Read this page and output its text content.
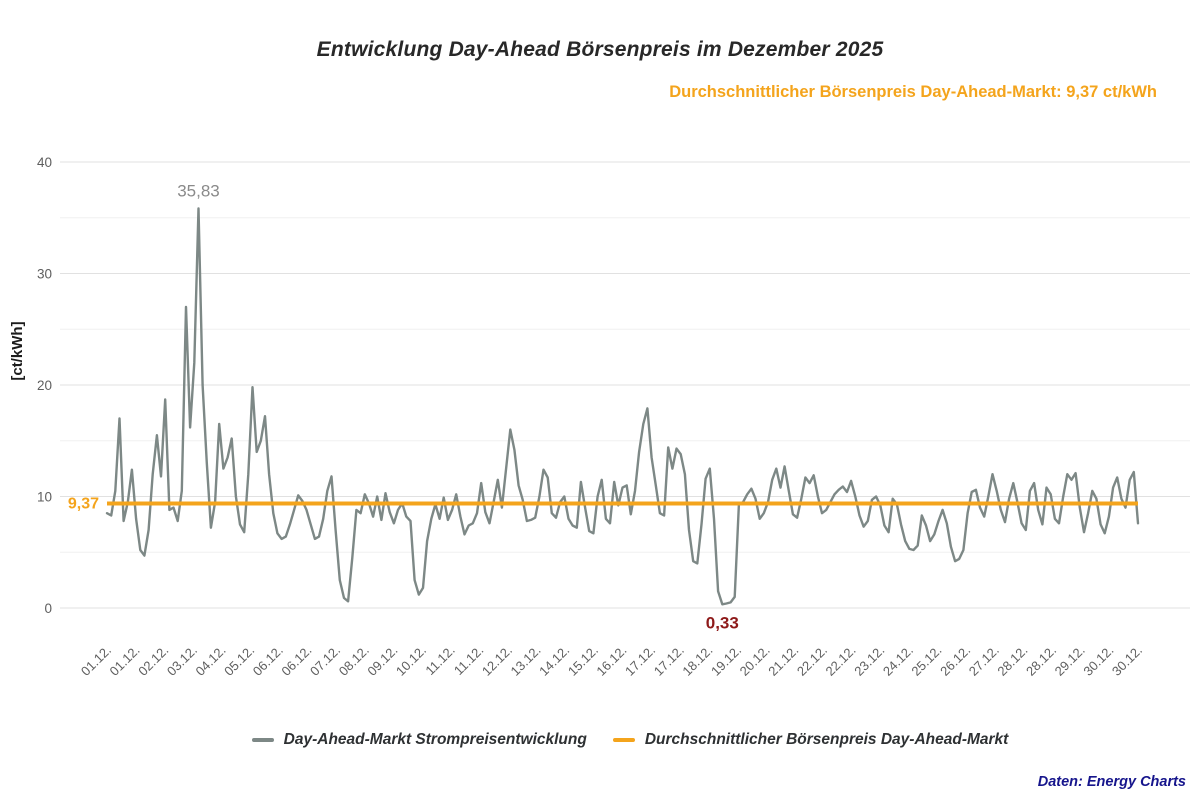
0
10
20
30
40
[ct/kWh]
01.12.
01.12.
02.12.
03.12.
04.12.
05.12.
06.12.
06.12.
07.12.
08.12.
09.12.
10.12.
11.12.
11.12.
12.12.
13.12.
14.12.
15.12.
16.12.
17.12.
17.12.
18.12.
19.12.
20.12.
21.12.
22.12.
22.12.
23.12.
24.12.
25.12.
26.12.
27.12.
28.12.
28.12.
29.12.
30.12.
30.12.
35,83
0,33
9,37
Entwicklung Day-Ahead Börsenpreis im Dezember 2025
Durchschnittlicher Börsenpreis Day-Ahead-Markt: 9,37 ct/kWh
Day-Ahead-Markt Strompreisentwicklung	Durchschnittlicher Börsenpreis Day-Ahead-Markt
Daten: Energy Charts
